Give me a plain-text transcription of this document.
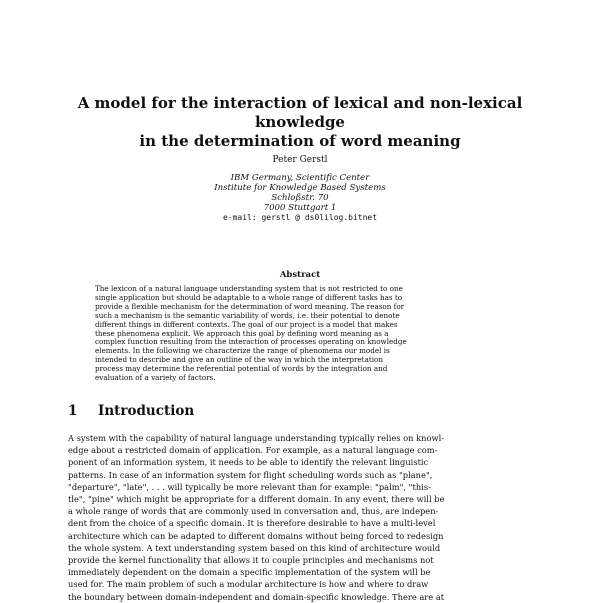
A model for the interaction of lexical and non-lexical
knowledge
in the determination of word meaning
Peter Gerstl
IBM Germany, Scientific Center
Institute for Knowledge Based Systems
Schloßstr. 70
7000 Stuttgart 1
e-mail: gerstl @ ds0lilog.bitnet
Abstract
The lexicon of a natural language understanding system that is not restricted to one
single application but should be adaptable to a whole range of different tasks has to
provide a flexible mechanism for the determination of word meaning. The reason for
such a mechanism is the semantic variability of words, i.e. their potential to denote
different things in different contexts. The goal of our project is a model that makes
these phenomena explicit. We approach this goal by defining word meaning as a
complex function resulting from the interaction of processes operating on knowledge
elements. In the following we characterize the range of phenomena our model is
intended to describe and give an outline of the way in which the interpretation
process may determine the referential potential of words by the integration and
evaluation of a variety of factors.
1 Introduction
A system with the capability of natural language understanding typically relies on knowl-
edge about a restricted domain of application. For example, as a natural language com-
ponent of an information system, it needs to be able to identify the relevant linguistic
patterns. In case of an information system for flight scheduling words such as "plane",
"departure", "late", . . . will typically be more relevant than for example: "palm", "this-
tle", "pine" which might be appropriate for a different domain. In any event, there will be
a whole range of words that are commonly used in conversation and, thus, are indepen-
dent from the choice of a specific domain. It is therefore desirable to have a multi-level
architecture which can be adapted to different domains without being forced to redesign
the whole system. A text understanding system based on this kind of architecture would
provide the kernel functionality that allows it to couple principles and mechanisms not
immediately dependent on the domain a specific implementation of the system will be
used for. The main problem of such a modular architecture is how and where to draw
the boundary between domain-independent and domain-specific knowledge. There are at
